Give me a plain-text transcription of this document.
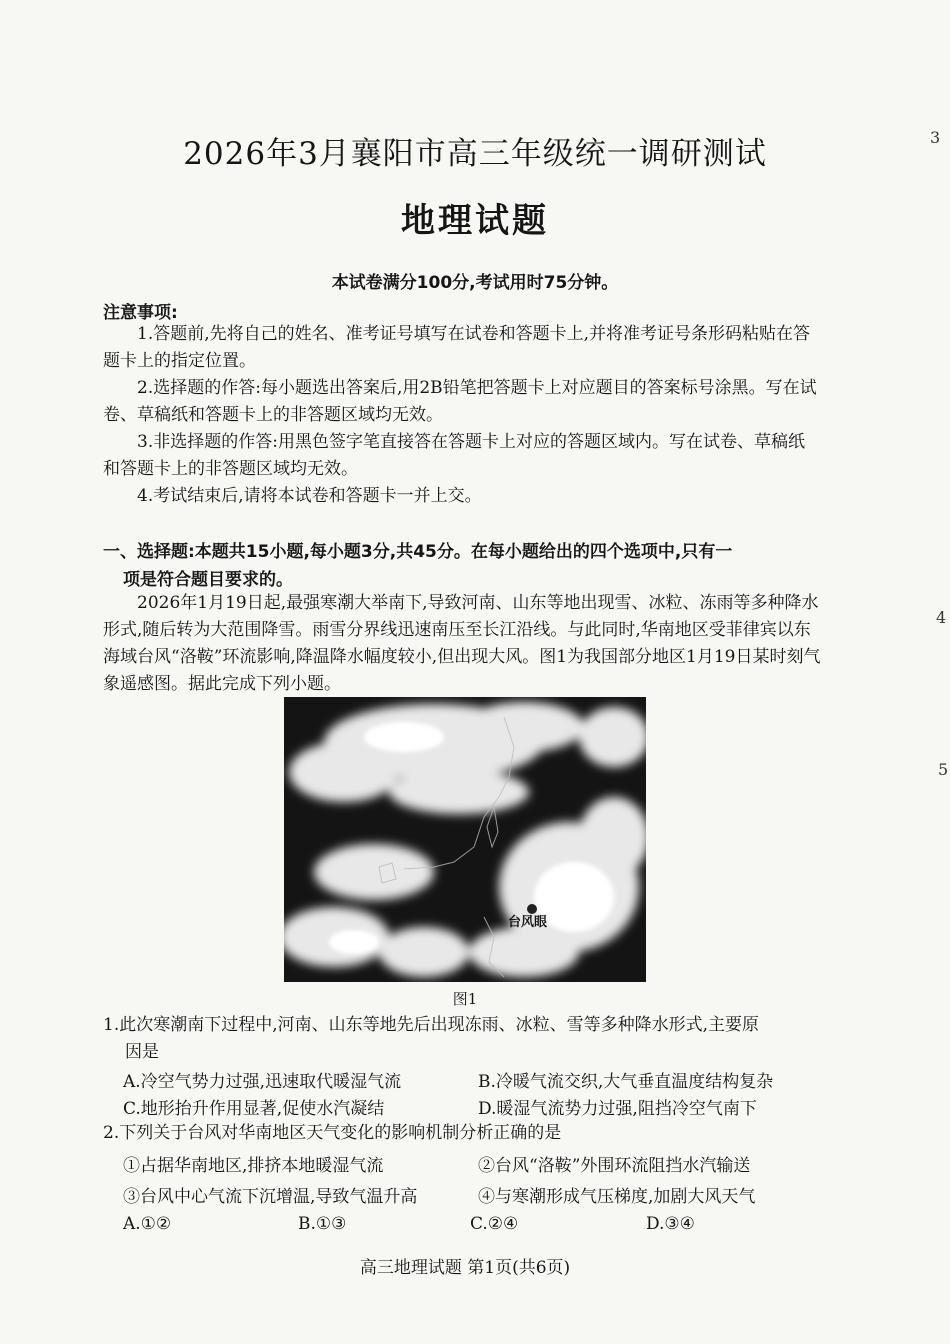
2026年3月襄阳市高三年级统一调研测试
地理试题
本试卷满分100分,考试用时75分钟。
注意事项:

1.答题前,先将自己的姓名、准考证号填写在试卷和答题卡上,并将准考证号条形码粘贴在答题卡上的指定位置。

2.选择题的作答:每小题选出答案后,用2B铅笔把答题卡上对应题目的答案标号涂黑。写在试卷、草稿纸和答题卡上的非答题区域均无效。

3.非选择题的作答:用黑色签字笔直接答在答题卡上对应的答题区域内。写在试卷、草稿纸和答题卡上的非答题区域均无效。

4.考试结束后,请将本试卷和答题卡一并上交。

一、选择题:本题共15小题,每小题3分,共45分。在每小题给出的四个选项中,只有一
项是符合题目要求的。

2026年1月19日起,最强寒潮大举南下,导致河南、山东等地出现雪、冰粒、冻雨等多种降水形式,随后转为大范围降雪。雨雪分界线迅速南压至长江沿线。与此同时,华南地区受菲律宾以东海域台风“洛鞍”环流影响,降温降水幅度较小,但出现大风。图1为我国部分地区1月19日某时刻气象遥感图。据此完成下列小题。

台风眼
图1
1.此次寒潮南下过程中,河南、山东等地先后出现冻雨、冰粒、雪等多种降水形式,主要原
因是
A.冷空气势力过强,迅速取代暖湿气流	B.冷暖气流交织,大气垂直温度结构复杂
C.地形抬升作用显著,促使水汽凝结	D.暖湿气流势力过强,阻挡冷空气南下
2.下列关于台风对华南地区天气变化的影响机制分析正确的是
①占据华南地区,排挤本地暖湿气流	②台风“洛鞍”外围环流阻挡水汽输送
③台风中心气流下沉增温,导致气温升高	④与寒潮形成气压梯度,加剧大风天气
A.①②	B.①③	C.②④	D.③④
高三地理试题 第1页(共6页)
3
4
5
